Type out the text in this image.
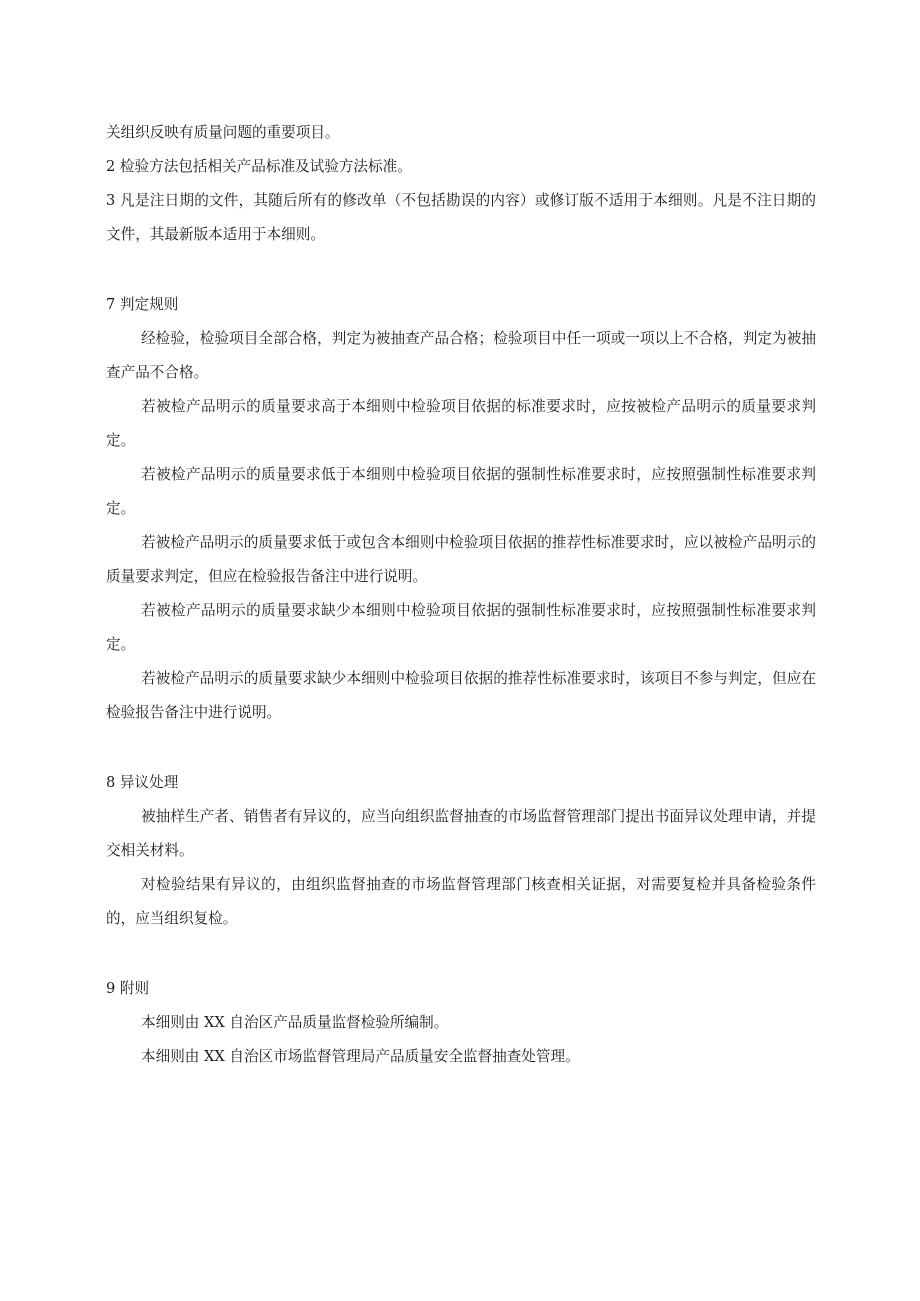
关组织反映有质量问题的重要项目。

2 检验方法包括相关产品标准及试验方法标准。

3 凡是注日期的文件，其随后所有的修改单（不包括勘误的内容）或修订版不适用于本细则。凡是不注日期的文件，其最新版本适用于本细则。

7 判定规则

经检验，检验项目全部合格，判定为被抽查产品合格；检验项目中任一项或一项以上不合格，判定为被抽查产品不合格。

若被检产品明示的质量要求高于本细则中检验项目依据的标准要求时，应按被检产品明示的质量要求判定。

若被检产品明示的质量要求低于本细则中检验项目依据的强制性标准要求时，应按照强制性标准要求判定。

若被检产品明示的质量要求低于或包含本细则中检验项目依据的推荐性标准要求时，应以被检产品明示的质量要求判定，但应在检验报告备注中进行说明。

若被检产品明示的质量要求缺少本细则中检验项目依据的强制性标准要求时，应按照强制性标准要求判定。

若被检产品明示的质量要求缺少本细则中检验项目依据的推荐性标准要求时，该项目不参与判定，但应在检验报告备注中进行说明。

8 异议处理

被抽样生产者、销售者有异议的，应当向组织监督抽查的市场监督管理部门提出书面异议处理申请，并提交相关材料。

对检验结果有异议的，由组织监督抽查的市场监督管理部门核查相关证据，对需要复检并具备检验条件的，应当组织复检。

9 附则

本细则由 XX 自治区产品质量监督检验所编制。

本细则由 XX 自治区市场监督管理局产品质量安全监督抽查处管理。
